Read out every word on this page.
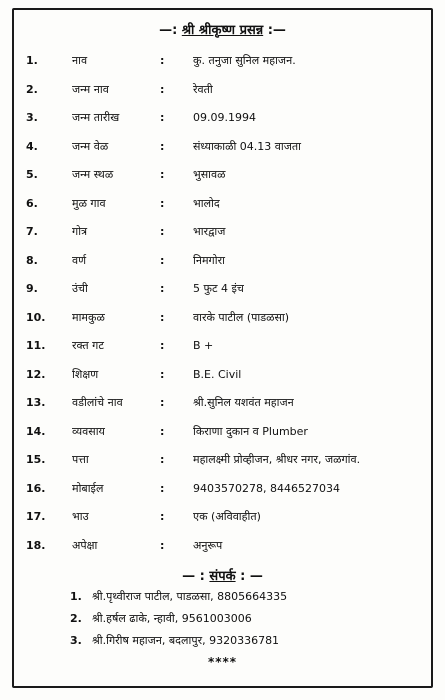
—: श्री श्रीकृष्ण प्रसन्न :—
1.	नाव	:	कु. तनुजा सुनिल महाजन.
2.	जन्म नाव	:	रेवती
3.	जन्म तारीख	:	09.09.1994
4.	जन्म वेळ	:	संध्याकाळी 04.13 वाजता
5.	जन्म स्थळ	:	भुसावळ
6.	मुळ गाव	:	भालोद
7.	गोत्र	:	भारद्वाज
8.	वर्ण	:	निमगोरा
9.	उंची	:	5 फुट 4 इंच
10. मामकुळ	:	वारके पाटील (पाडळसा)
11. रक्त गट	:	B +
12. शिक्षण	:	B.E. Civil
13. वडीलांचे नाव	:	श्री.सुनिल यशवंत महाजन
14. व्यवसाय	:	किराणा दुकान व Plumber
15. पत्ता	:	महालक्ष्मी प्रोव्हीजन, श्रीधर नगर, जळगांव.
16. मोबाईल	:	9403570278, 8446527034
17. भाउ	:	एक (अविवाहीत)
18. अपेक्षा	:	अनुरूप
— : संपर्क : —
1. श्री.पृथ्वीराज पाटील, पाडळसा, 8805664335
2. श्री.हर्षल ढाके, न्हावी, 9561003006
3. श्री.गिरीष महाजन, बदलापुर, 9320336781
****
